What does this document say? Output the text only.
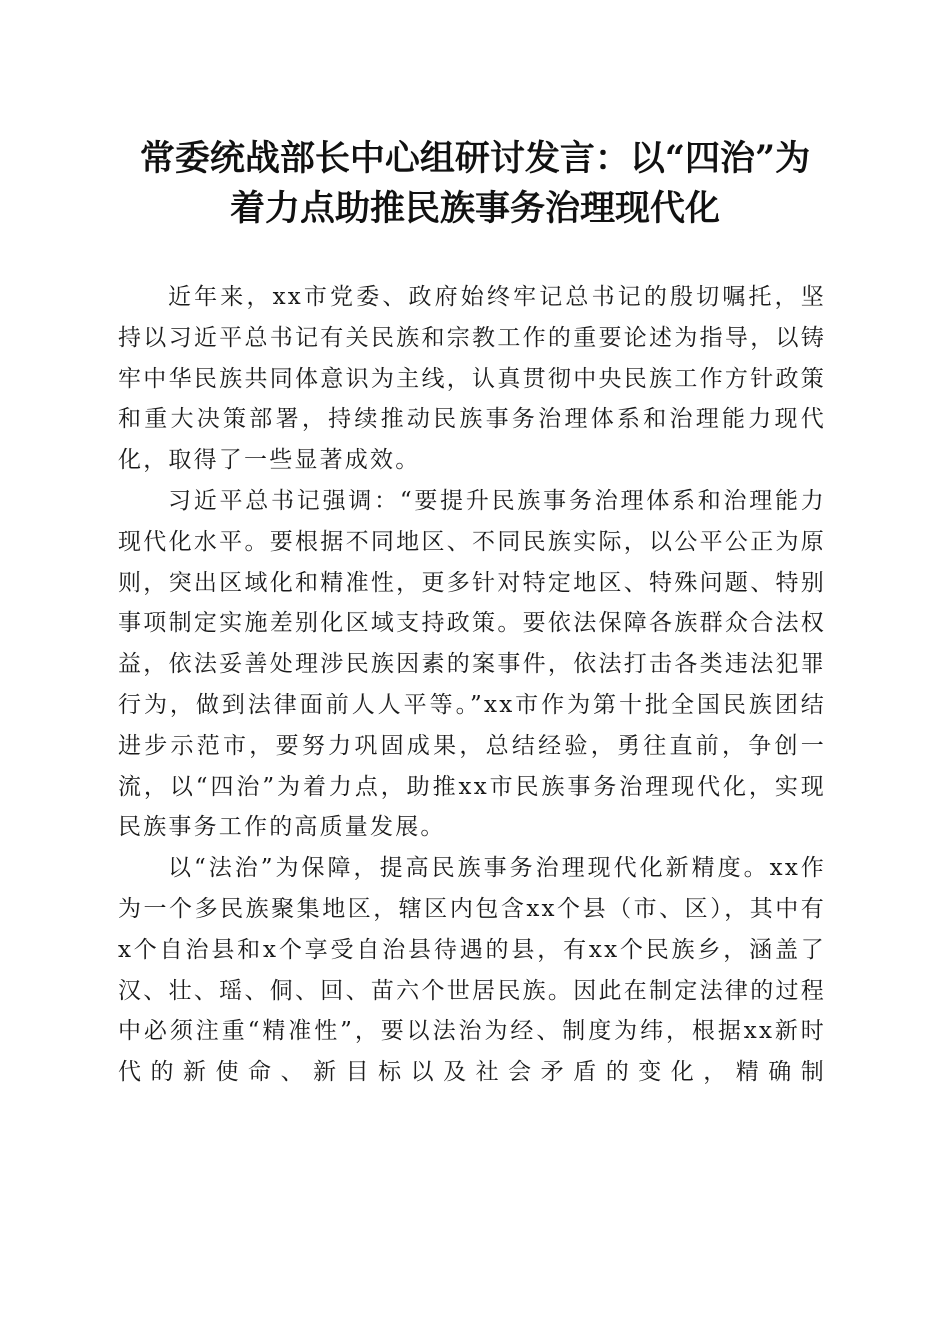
常委统战部长中心组研讨发言：以“四治”为
着力点助推民族事务治理现代化

近年来，xx市党委、政府始终牢记总书记的殷切嘱托，坚持以习近平总书记有关民族和宗教工作的重要论述为指导，以铸牢中华民族共同体意识为主线，认真贯彻中央民族工作方针政策和重大决策部署，持续推动民族事务治理体系和治理能力现代化，取得了一些显著成效。

习近平总书记强调：“要提升民族事务治理体系和治理能力现代化水平。要根据不同地区、不同民族实际，以公平公正为原则，突出区域化和精准性，更多针对特定地区、特殊问题、特别事项制定实施差别化区域支持政策。要依法保障各族群众合法权益，依法妥善处理涉民族因素的案事件，依法打击各类违法犯罪行为，做到法律面前人人平等。”xx市作为第十批全国民族团结进步示范市，要努力巩固成果，总结经验，勇往直前，争创一流，以“四治”为着力点，助推xx市民族事务治理现代化，实现民族事务工作的高质量发展。

以“法治”为保障，提高民族事务治理现代化新精度。xx作为一个多民族聚集地区，辖区内包含xx个县（市、区），其中有x个自治县和x个享受自治县待遇的县，有xx个民族乡，涵盖了汉、壮、瑶、侗、回、苗六个世居民族。因此在制定法律的过程中必须注重“精准性”，要以法治为经、制度为纬，根据xx新时代的新使命、新目标以及社会矛盾的变化，精确制
